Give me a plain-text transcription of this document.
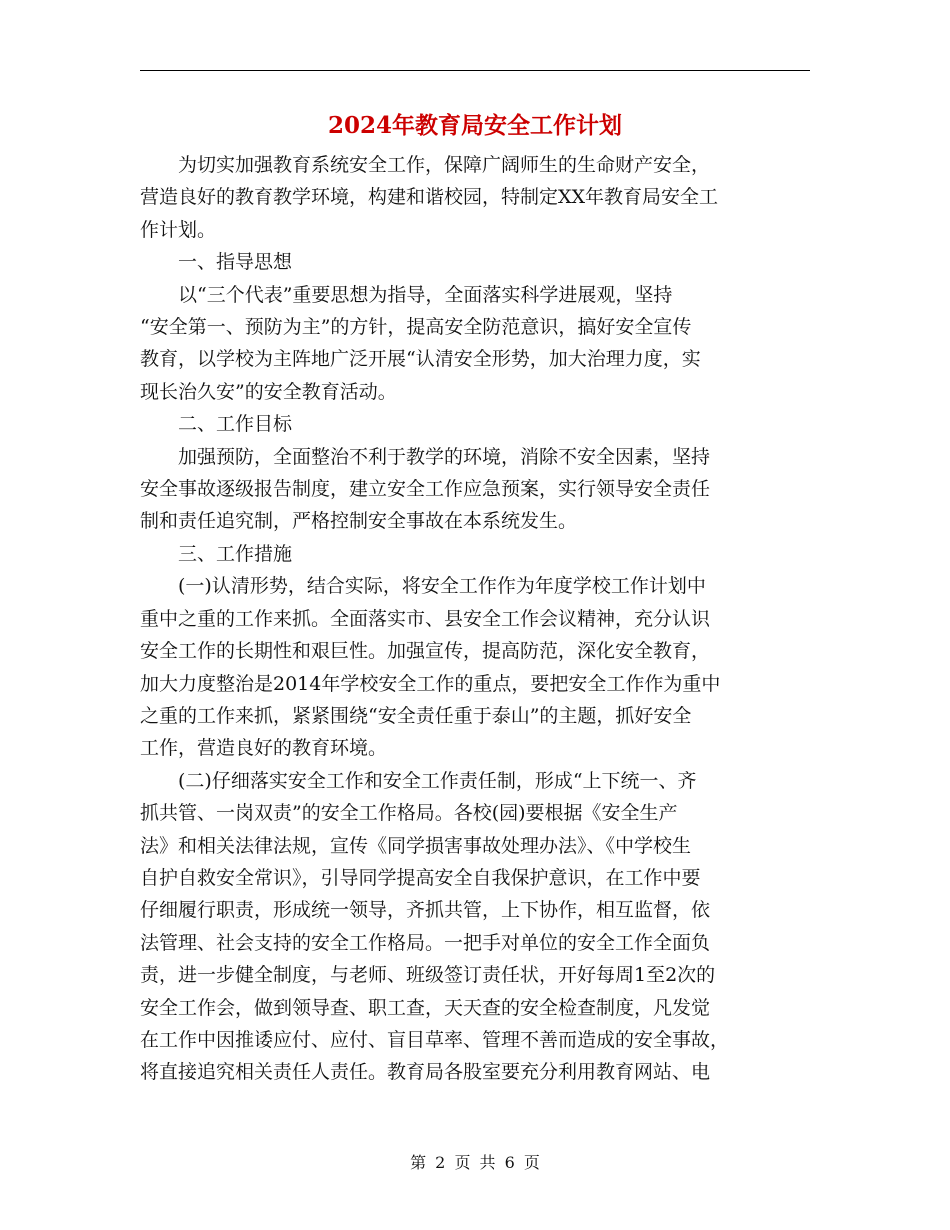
2024年教育局安全工作计划

为切实加强教育系统安全工作，保障广阔师生的生命财产安全，
营造良好的教育教学环境，构建和谐校园，特制定XX年教育局安全工
作计划。

一、指导思想

以“三个代表”重要思想为指导，全面落实科学进展观，坚持
“安全第一、预防为主”的方针，提高安全防范意识，搞好安全宣传
教育，以学校为主阵地广泛开展“认清安全形势，加大治理力度，实
现长治久安”的安全教育活动。

二、工作目标

加强预防，全面整治不利于教学的环境，消除不安全因素，坚持
安全事故逐级报告制度，建立安全工作应急预案，实行领导安全责任
制和责任追究制，严格控制安全事故在本系统发生。

三、工作措施

(一)认清形势，结合实际，将安全工作作为年度学校工作计划中
重中之重的工作来抓。全面落实市、县安全工作会议精神，充分认识
安全工作的长期性和艰巨性。加强宣传，提高防范，深化安全教育，
加大力度整治是2014年学校安全工作的重点，要把安全工作作为重中
之重的工作来抓，紧紧围绕“安全责任重于泰山”的主题，抓好安全
工作，营造良好的教育环境。

(二)仔细落实安全工作和安全工作责任制，形成“上下统一、齐
抓共管、一岗双责”的安全工作格局。各校(园)要根据《安全生产
法》和相关法律法规，宣传《同学损害事故处理办法》、《中学校生
自护自救安全常识》，引导同学提高安全自我保护意识，在工作中要
仔细履行职责，形成统一领导，齐抓共管，上下协作，相互监督，依
法管理、社会支持的安全工作格局。一把手对单位的安全工作全面负
责，进一步健全制度，与老师、班级签订责任状，开好每周1至2次的
安全工作会，做到领导查、职工查，天天查的安全检查制度，凡发觉
在工作中因推诿应付、应付、盲目草率、管理不善而造成的安全事故，
将直接追究相关责任人责任。教育局各股室要充分利用教育网站、电

第 2 页 共 6 页
